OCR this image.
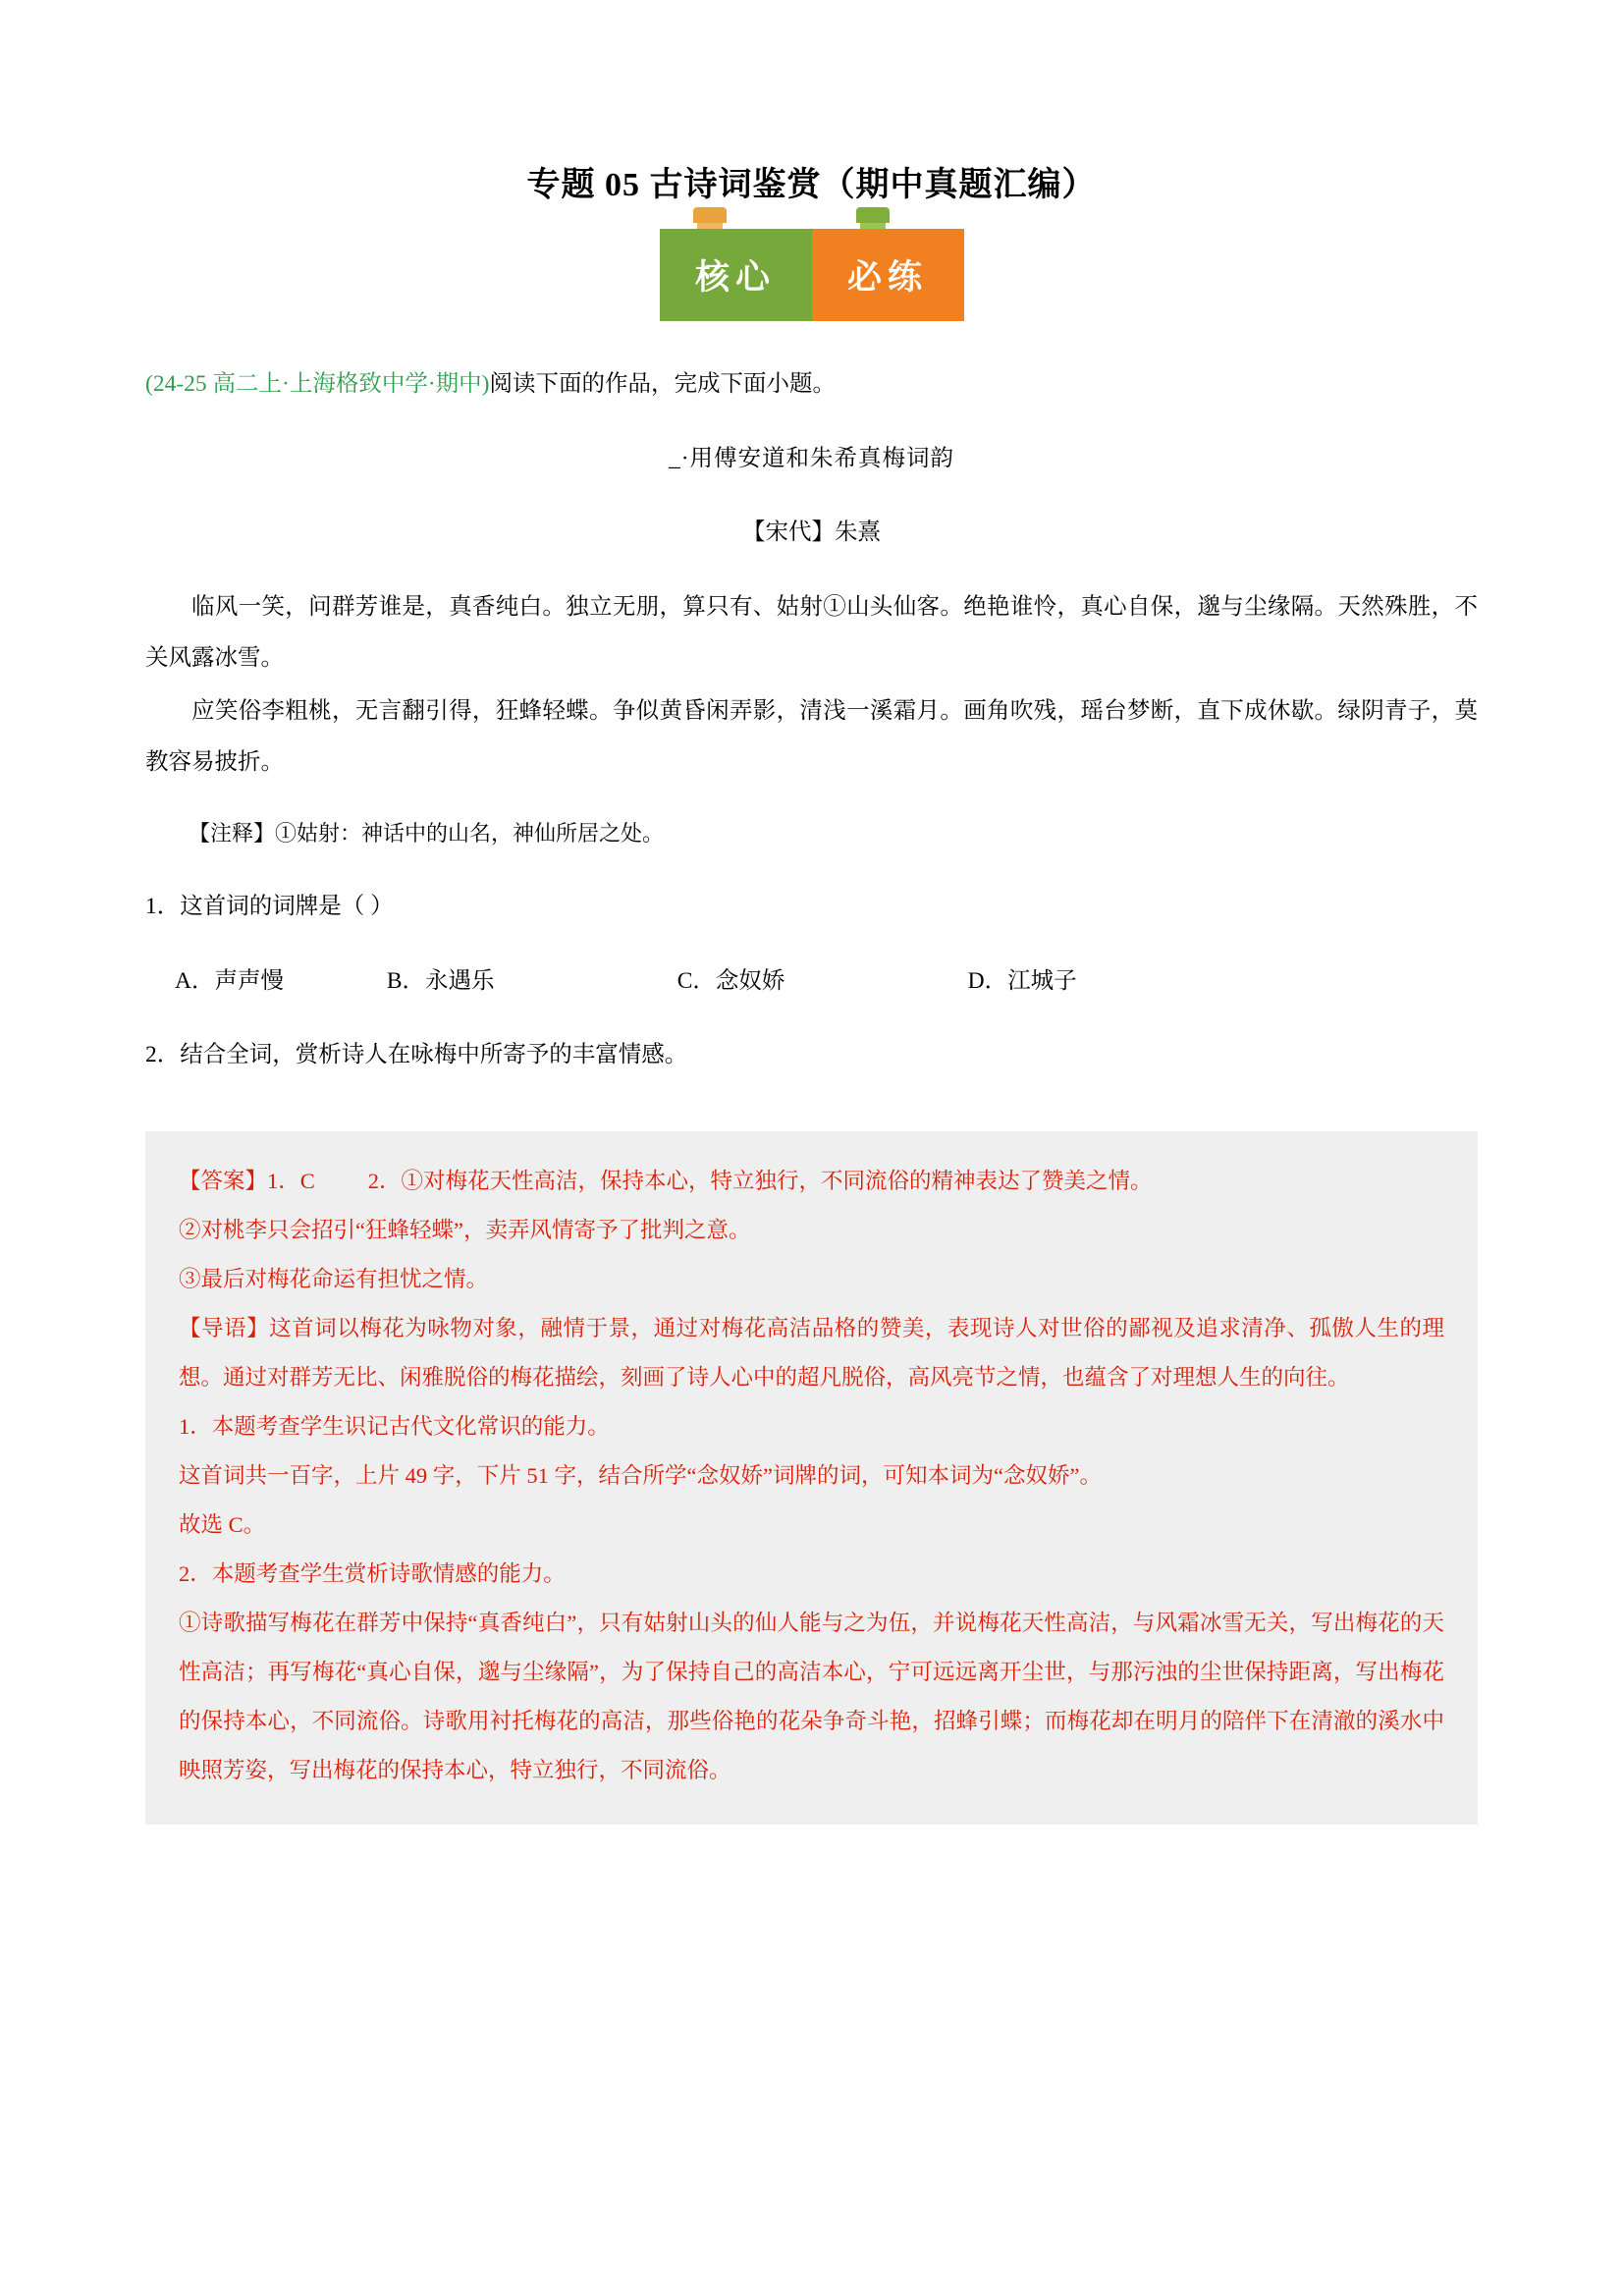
专题 05 古诗词鉴赏（期中真题汇编）
核心	必练

(24-25 高二上·上海格致中学·期中)阅读下面的作品，完成下面小题。

_·用傅安道和朱希真梅词韵

【宋代】朱熹

临风一笑，问群芳谁是，真香纯白。独立无朋，算只有、姑射①山头仙客。绝艳谁怜，真心自保，邈与尘缘隔。天然殊胜，不关风露冰雪。

应笑俗李粗桃，无言翻引得，狂蜂轻蝶。争似黄昏闲弄影，清浅一溪霜月。画角吹残，瑶台梦断，直下成休歇。绿阴青子，莫教容易披折。

【注释】①姑射：神话中的山名，神仙所居之处。

1．这首词的词牌是（ ）

A．声声慢	B．永遇乐	C．念奴娇	D．江城子

2．结合全词，赏析诗人在咏梅中所寄予的丰富情感。

【答案】1．C 2．①对梅花天性高洁，保持本心，特立独行，不同流俗的精神表达了赞美之情。

②对桃李只会招引“狂蜂轻蝶”，卖弄风情寄予了批判之意。

③最后对梅花命运有担忧之情。

【导语】这首词以梅花为咏物对象，融情于景，通过对梅花高洁品格的赞美，表现诗人对世俗的鄙视及追求清净、孤傲人生的理想。通过对群芳无比、闲雅脱俗的梅花描绘，刻画了诗人心中的超凡脱俗，高风亮节之情，也蕴含了对理想人生的向往。

1．本题考查学生识记古代文化常识的能力。

这首词共一百字，上片 49 字，下片 51 字，结合所学“念奴娇”词牌的词，可知本词为“念奴娇”。

故选 C。

2．本题考查学生赏析诗歌情感的能力。

①诗歌描写梅花在群芳中保持“真香纯白”，只有姑射山头的仙人能与之为伍，并说梅花天性高洁，与风霜冰雪无关，写出梅花的天性高洁；再写梅花“真心自保，邈与尘缘隔”，为了保持自己的高洁本心，宁可远远离开尘世，与那污浊的尘世保持距离，写出梅花的保持本心，不同流俗。诗歌用衬托梅花的高洁，那些俗艳的花朵争奇斗艳，招蜂引蝶；而梅花却在明月的陪伴下在清澈的溪水中映照芳姿，写出梅花的保持本心，特立独行，不同流俗。
